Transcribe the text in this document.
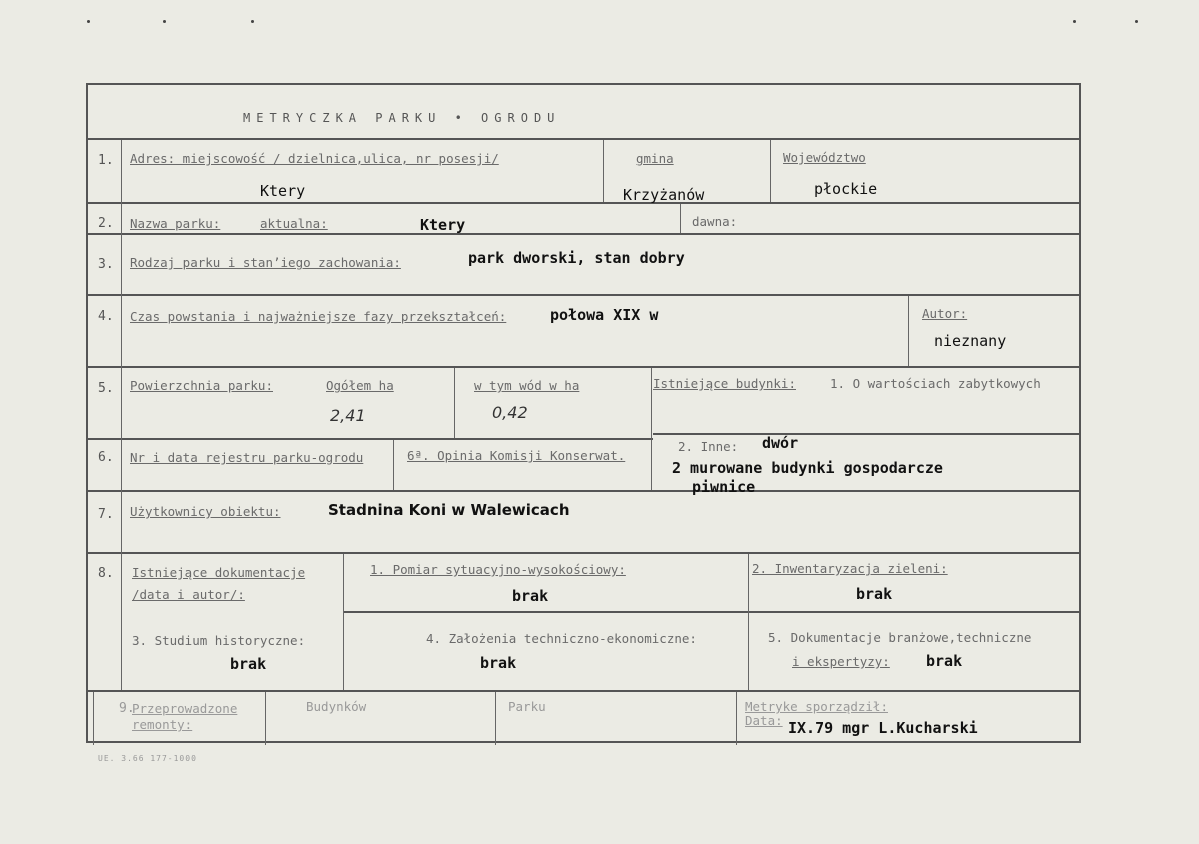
METRYCZKA PARKU • OGRODU
1. Adres: miejscowość / dzielnica,ulica, nr posesji/
Ktery
gmina
Krzyżanów
Województwo
płockie
2. Nazwa parku:	aktualna:	Ktery	dawna:
3. Rodzaj parku i stan’iego zachowania:	park dworski, stan dobry
4. Czas powstania i najważniejsze fazy przekształceń:	połowa XIX w	Autor:
nieznany
5. Powierzchnia parku:	Ogółem ha
2,41
w tym wód w ha
0,42
Istniejące budynki:	1. O wartościach zabytkowych
6. Nr i data rejestru parku-ogrodu	6ª. Opinia Komisji Konserwat.
2. Inne: dwór
2 murowane budynki gospodarcze
piwnice
7. Użytkownicy obiektu:	Stadnina Koni w Walewicach
8. Istniejące dokumentacje
/data i autor/:
1. Pomiar sytuacyjno-wysokościowy:
brak
2. Inwentaryzacja zieleni:
brak
3. Studium historyczne:
brak
4. Założenia techniczno-ekonomiczne:
brak
5. Dokumentacje branżowe,techniczne
i ekspertyzy: brak
9.
Przeprowadzone
remonty:
Budynków	Parku	Metryke sporządził:
Data: IX.79 mgr L.Kucharski
UE. 3.66 177-1000
